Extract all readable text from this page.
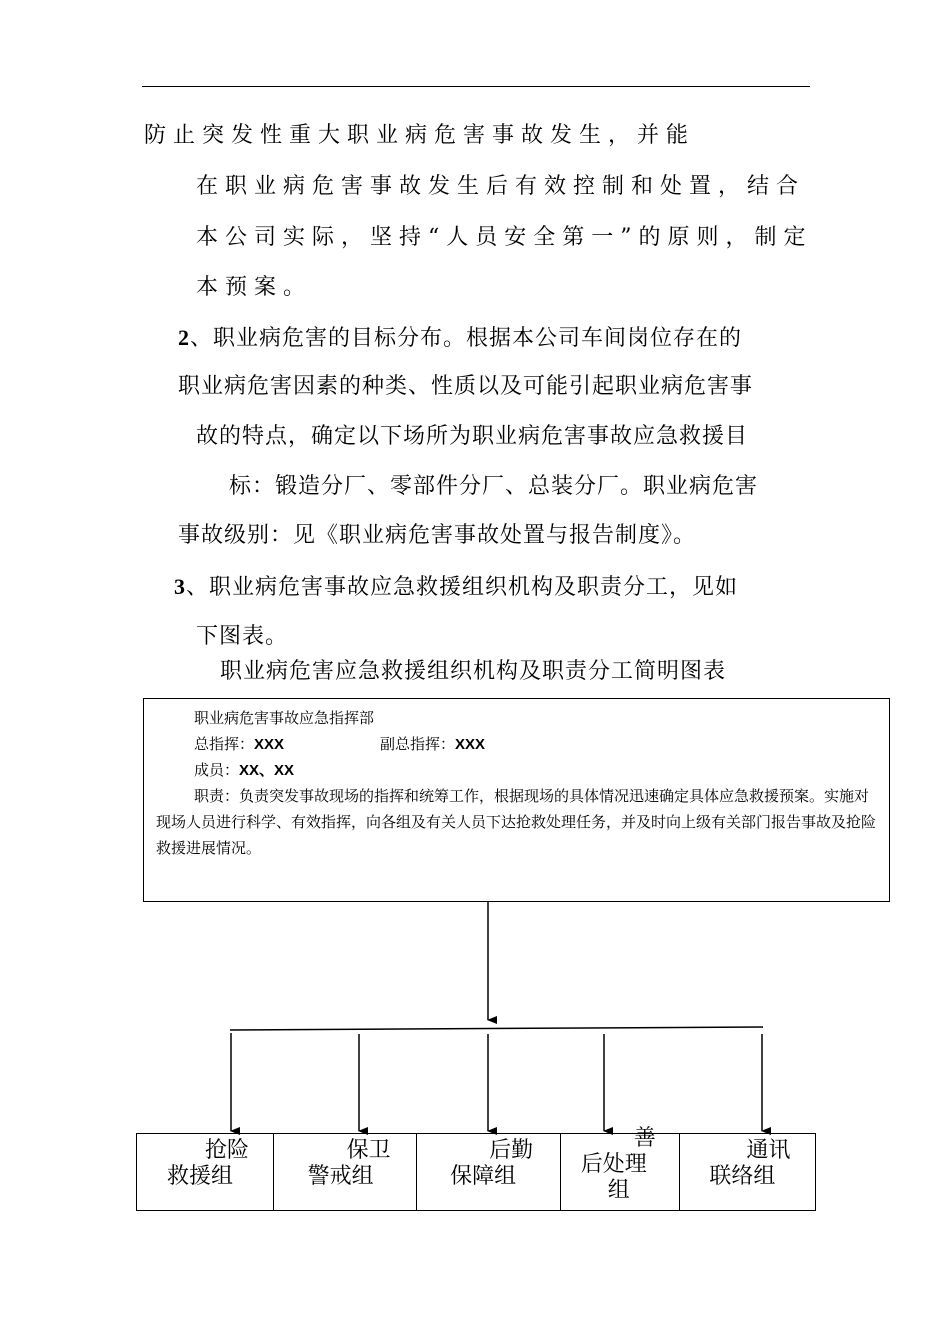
防止突发性重大职业病危害事故发生，并能
在职业病危害事故发生后有效控制和处置，结合
本公司实际，坚持“人员安全第一”的原则，制定
本预案。
2、职业病危害的目标分布。根据本公司车间岗位存在的
职业病危害因素的种类、性质以及可能引起职业病危害事
故的特点，确定以下场所为职业病危害事故应急救援目
标：锻造分厂、零部件分厂、总装分厂。职业病危害
事故级别：见《职业病危害事故处置与报告制度》。
3、职业病危害事故应急救援组织机构及职责分工，见如
下图表。
职业病危害应急救援组织机构及职责分工简明图表
职业病危害事故应急指挥部
总指挥：XXX	副总指挥：XXX
成员：XX、XX
职责：负责突发事故现场的指挥和统筹工作，根据现场的具体情况迅速确定具体应急救援预案。实施对现场人员进行科学、有效指挥，向各组及有关人员下达抢救处理任务，并及时向上级有关部门报告事故及抢险救援进展情况。
抢险
救援组
保卫
警戒组
后勤
保障组
善
后处理
组
通讯
联络组
